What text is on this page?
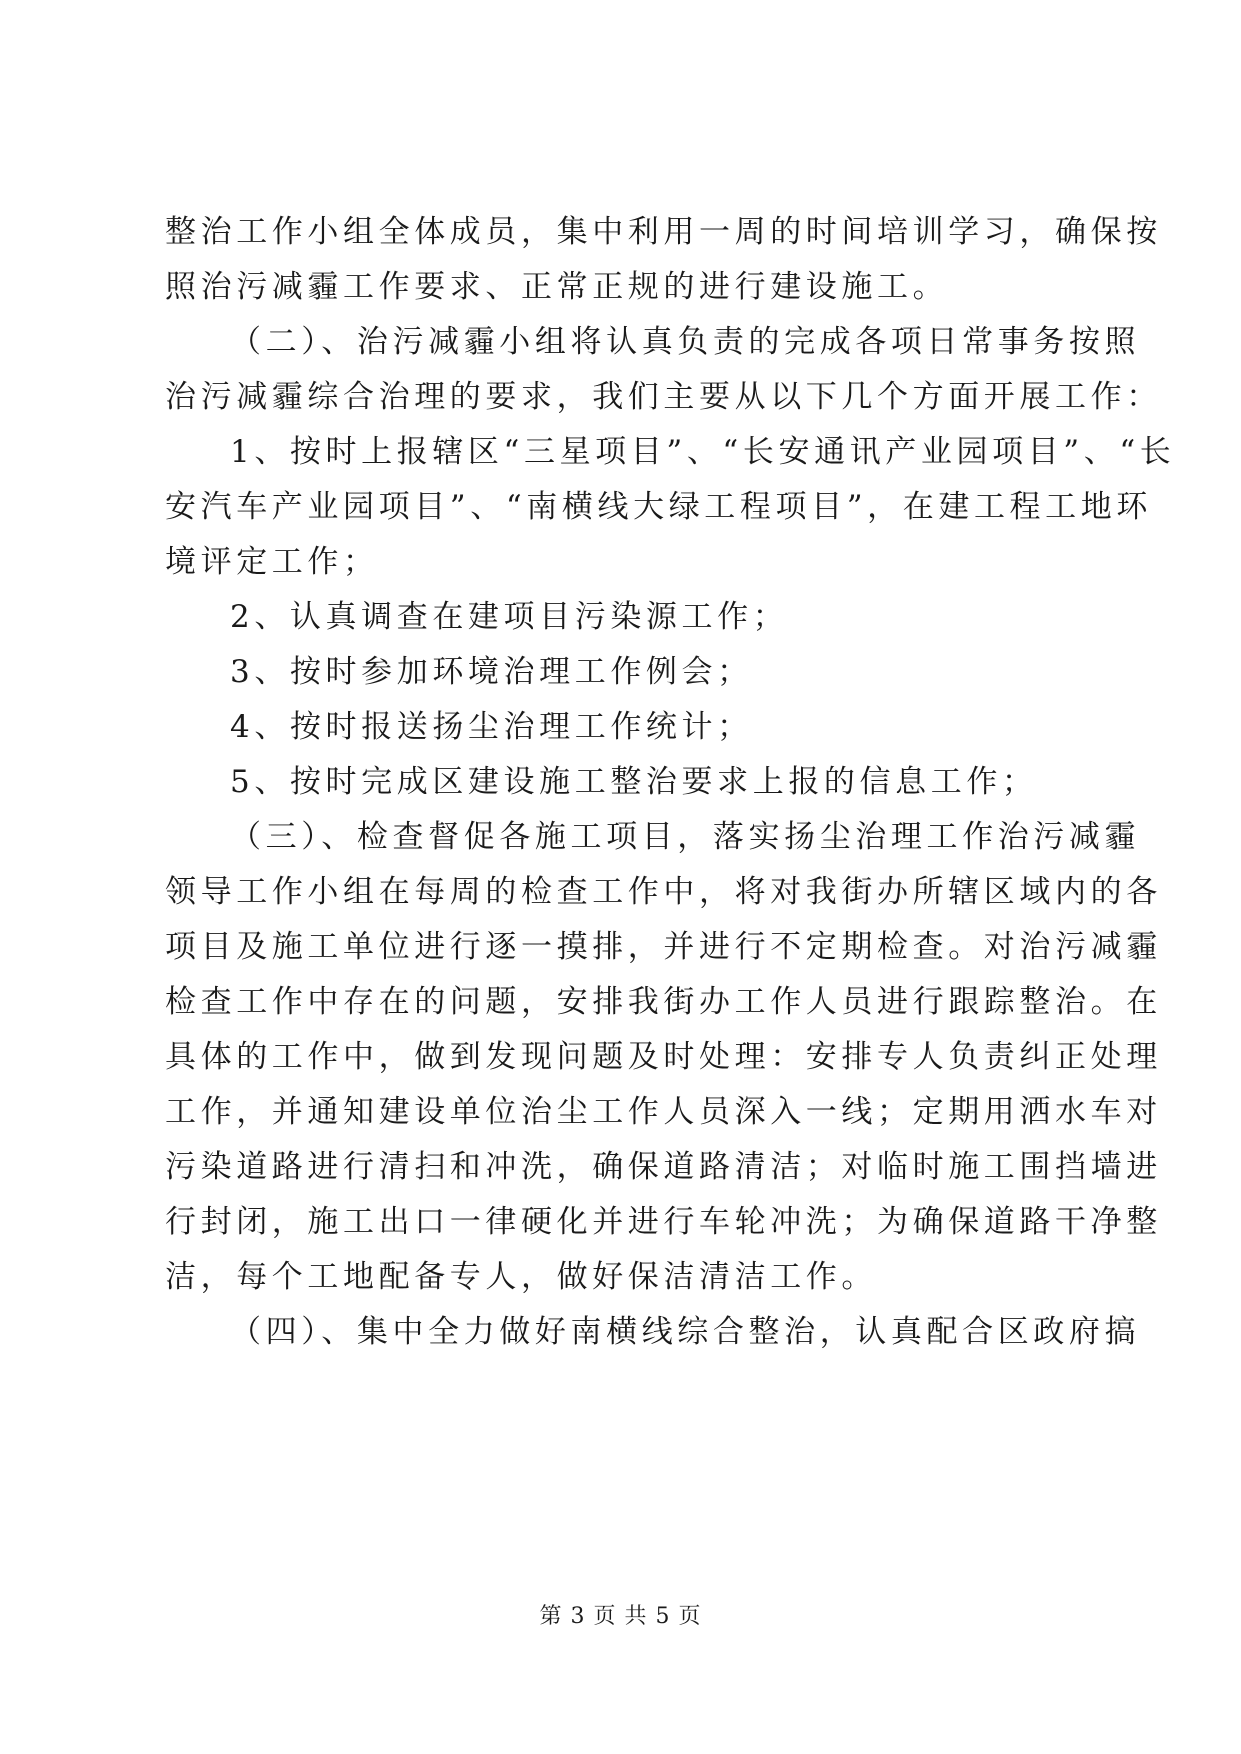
整治工作小组全体成员，集中利用一周的时间培训学习，确保按
照治污减霾工作要求、正常正规的进行建设施工。
（二）、治污减霾小组将认真负责的完成各项日常事务按照
治污减霾综合治理的要求，我们主要从以下几个方面开展工作：
1、按时上报辖区“三星项目”、“长安通讯产业园项目”、“长
安汽车产业园项目”、“南横线大绿工程项目”，在建工程工地环
境评定工作；
2、认真调查在建项目污染源工作；
3、按时参加环境治理工作例会；
4、按时报送扬尘治理工作统计；
5、按时完成区建设施工整治要求上报的信息工作；
（三）、检查督促各施工项目，落实扬尘治理工作治污减霾
领导工作小组在每周的检查工作中，将对我街办所辖区域内的各
项目及施工单位进行逐一摸排，并进行不定期检查。对治污减霾
检查工作中存在的问题，安排我街办工作人员进行跟踪整治。在
具体的工作中，做到发现问题及时处理：安排专人负责纠正处理
工作，并通知建设单位治尘工作人员深入一线；定期用洒水车对
污染道路进行清扫和冲洗，确保道路清洁；对临时施工围挡墙进
行封闭，施工出口一律硬化并进行车轮冲洗；为确保道路干净整
洁，每个工地配备专人，做好保洁清洁工作。
（四）、集中全力做好南横线综合整治，认真配合区政府搞
第 3 页 共 5 页
